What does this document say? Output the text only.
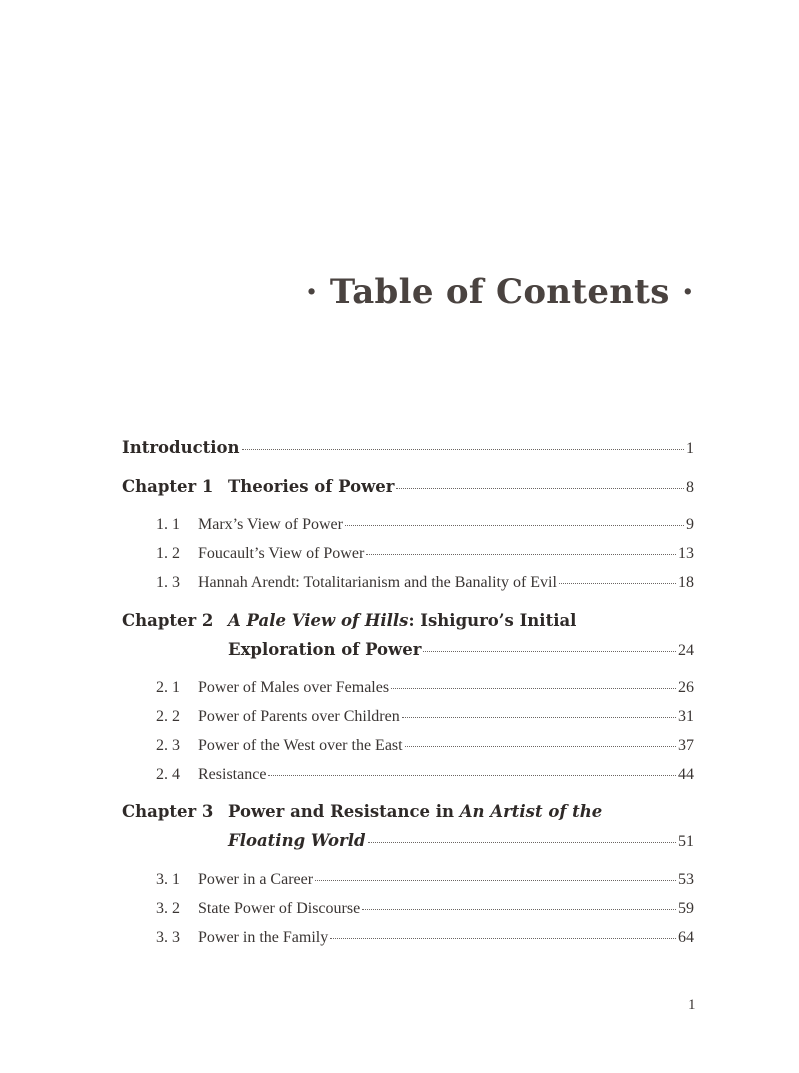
· Table of Contents ·
Introduction	1
Chapter 1 Theories of Power	8
1. 1	Marx’s View of Power	9
1. 2	Foucault’s View of Power	13
1. 3	Hannah Arendt: Totalitarianism and the Banality of Evil	18
Chapter 2 A Pale View of Hills: Ishiguro’s Initial
Exploration of Power	24
2. 1	Power of Males over Females	26
2. 2	Power of Parents over Children	31
2. 3	Power of the West over the East	37
2. 4	Resistance	44
Chapter 3 Power and Resistance in An Artist of the
Floating World	51
3. 1	Power in a Career	53
3. 2	State Power of Discourse	59
3. 3	Power in the Family	64
1
